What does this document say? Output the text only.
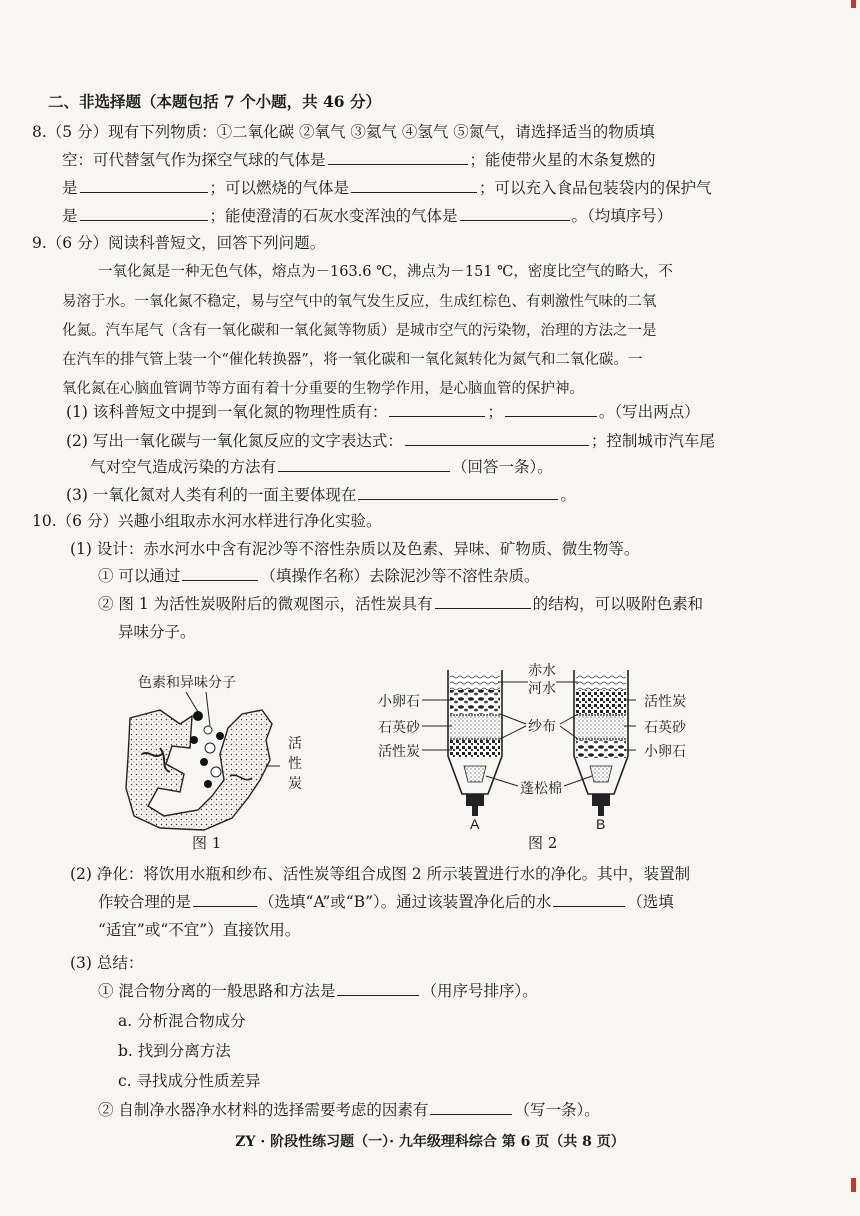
二、非选择题（本题包括 7 个小题，共 46 分）
8.（5 分）现有下列物质：①二氧化碳 ②氧气 ③氦气 ④氢气 ⑤氮气，请选择适当的物质填
空：可代替氢气作为探空气球的气体是	；能使带火星的木条复燃的
是	；可以燃烧的气体是	；可以充入食品包装袋内的保护气
是	；能使澄清的石灰水变浑浊的气体是	。（均填序号）
9.（6 分）阅读科普短文，回答下列问题。
一氧化氮是一种无色气体，熔点为－163.6 ℃，沸点为－151 ℃，密度比空气的略大，不
易溶于水。一氧化氮不稳定，易与空气中的氧气发生反应，生成红棕色、有刺激性气味的二氧
化氮。汽车尾气（含有一氧化碳和一氧化氮等物质）是城市空气的污染物，治理的方法之一是
在汽车的排气管上装一个“催化转换器”，将一氧化碳和一氧化氮转化为氮气和二氧化碳。一
氧化氮在心脑血管调节等方面有着十分重要的生物学作用，是心脑血管的保护神。
(1) 该科普短文中提到一氧化氮的物理性质有：	；	。（写出两点）
(2) 写出一氧化碳与一氧化氮反应的文字表达式：	；控制城市汽车尾
气对空气造成污染的方法有	（回答一条）。
(3) 一氧化氮对人类有利的一面主要体现在	。
10.（6 分）兴趣小组取赤水河水样进行净化实验。
(1) 设计：赤水河水中含有泥沙等不溶性杂质以及色素、异味、矿物质、微生物等。
① 可以通过	（填操作名称）去除泥沙等不溶性杂质。
② 图 1 为活性炭吸附后的微观图示，活性炭具有	的结构，可以吸附色素和
异味分子。
色素和异味分子
活
性
炭
图 1
赤水
河水
小卵石
石英砂
活性炭
活性炭
石英砂
小卵石
纱布
蓬松棉
A	B
图 2
(2) 净化：将饮用水瓶和纱布、活性炭等组合成图 2 所示装置进行水的净化。其中，装置制
作较合理的是	（选填“A”或“B”）。通过该装置净化后的水	（选填
“适宜”或“不宜”）直接饮用。
(3) 总结：
① 混合物分离的一般思路和方法是	（用序号排序）。
a. 分析混合物成分
b. 找到分离方法
c. 寻找成分性质差异
② 自制净水器净水材料的选择需要考虑的因素有	（写一条）。
ZY · 阶段性练习题（一）· 九年级理科综合 第 6 页（共 8 页）
